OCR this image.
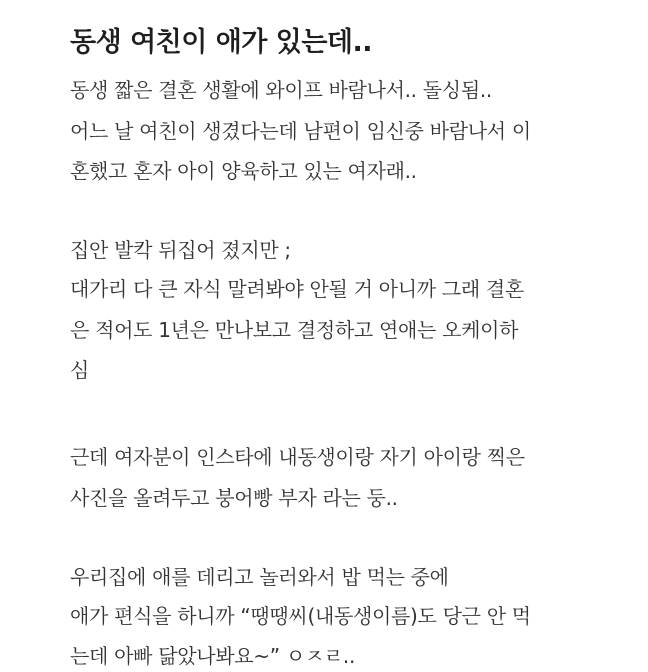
동생 여친이 애가 있는데..
동생 짧은 결혼 생활에 와이프 바람나서.. 돌싱됨..
어느 날 여친이 생겼다는데 남편이 임신중 바람나서 이
혼했고 혼자 아이 양육하고 있는 여자래..
집안 발칵 뒤집어 졌지만 ;
대가리 다 큰 자식 말려봐야 안될 거 아니까 그래 결혼
은 적어도 1년은 만나보고 결정하고 연애는 오케이하
심
근데 여자분이 인스타에 내동생이랑 자기 아이랑 찍은
사진을 올려두고 붕어빵 부자 라는 둥..
우리집에 애를 데리고 놀러와서 밥 먹는 중에
애가 편식을 하니까 “땡땡씨(내동생이름)도 당근 안 먹
는데 아빠 닮았나봐요~” ㅇㅈㄹ..
